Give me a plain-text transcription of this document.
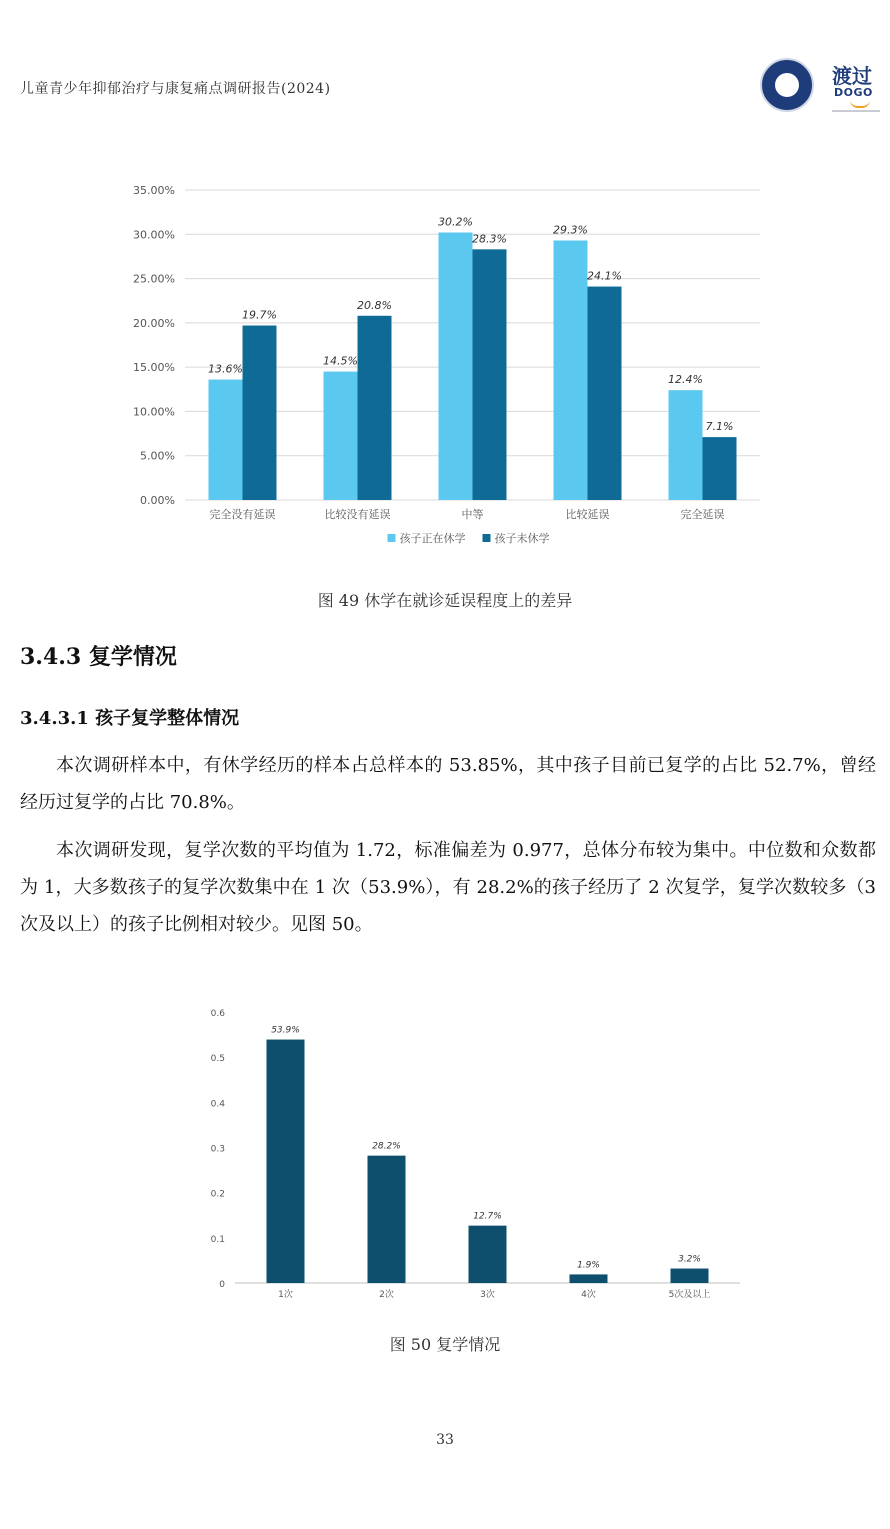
儿童青少年抑郁治疗与康复痛点调研报告(2024)
渡过
DOGO
0.00%
5.00%
10.00%
15.00%
20.00%
25.00%
30.00%
35.00%
13.6%
19.7%
完全没有延误
14.5%
20.8%
比较没有延误
30.2%
28.3%
中等
29.3%
24.1%
比较延误
12.4%
7.1%
完全延误
孩子正在休学	孩子未休学
图 49 休学在就诊延误程度上的差异
3.4.3 复学情况
3.4.3.1 孩子复学整体情况
本次调研样本中，有休学经历的样本占总样本的 53.85%，其中孩子目前已复学的占比 52.7%，曾经经历过复学的占比 70.8%。
本次调研发现，复学次数的平均值为 1.72，标准偏差为 0.977，总体分布较为集中。中位数和众数都为 1，大多数孩子的复学次数集中在 1 次（53.9%），有 28.2%的孩子经历了 2 次复学，复学次数较多（3 次及以上）的孩子比例相对较少。见图 50。
0
0.1
0.2
0.3
0.4
0.5
0.6
53.9%
1次
28.2%
2次
12.7%
3次
1.9%
4次
3.2%
5次及以上
图 50 复学情况
33
